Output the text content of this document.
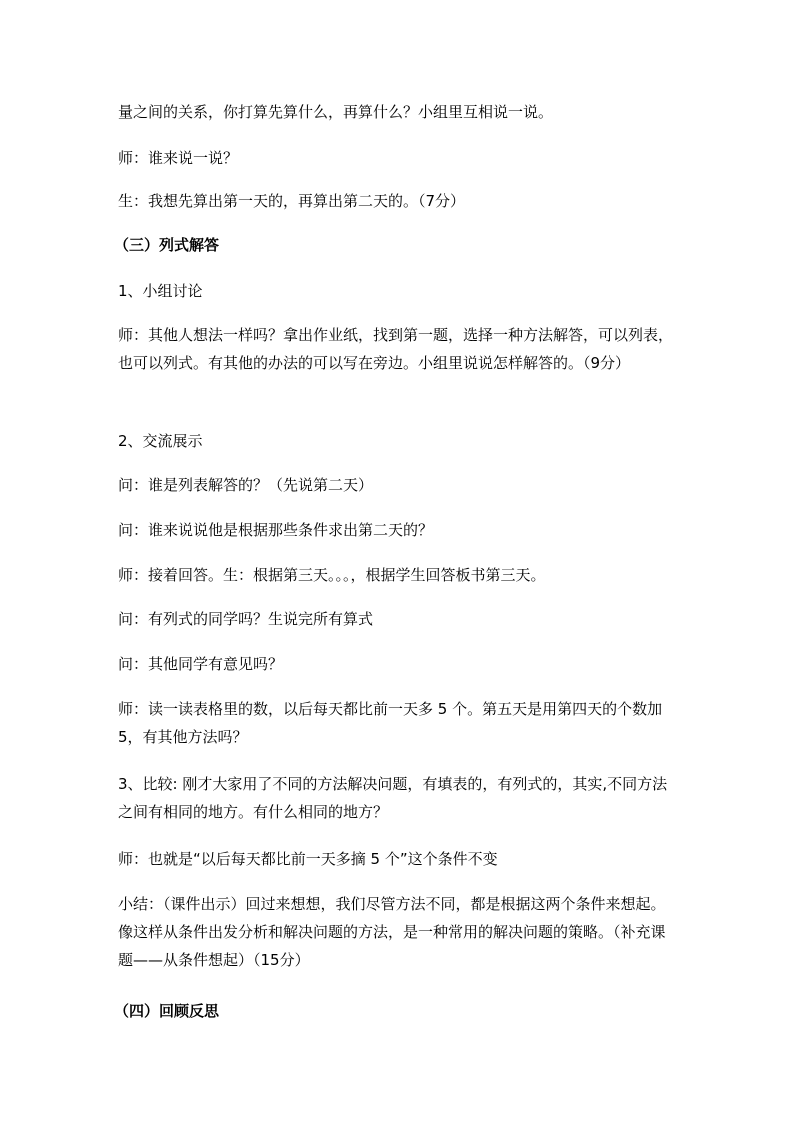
量之间的关系，你打算先算什么，再算什么？小组里互相说一说。

师：谁来说一说？

生：我想先算出第一天的，再算出第二天的。（7分）

（三）列式解答

1、小组讨论

师：其他人想法一样吗？拿出作业纸，找到第一题，选择一种方法解答，可以列表，也可以列式。有其他的办法的可以写在旁边。小组里说说怎样解答的。（9分）

2、交流展示

问：谁是列表解答的？（先说第二天）

问：谁来说说他是根据那些条件求出第二天的？

师：接着回答。生：根据第三天。。。，根据学生回答板书第三天。

问：有列式的同学吗？生说完所有算式

问：其他同学有意见吗？

师：读一读表格里的数，以后每天都比前一天多 5 个。第五天是用第四天的个数加 5，有其他方法吗？

3、比较: 刚才大家用了不同的方法解决问题，有填表的，有列式的，其实,不同方法之间有相同的地方。有什么相同的地方？

师：也就是“以后每天都比前一天多摘 5 个”这个条件不变

小结：（课件出示）回过来想想，我们尽管方法不同，都是根据这两个条件来想起。像这样从条件出发分析和解决问题的方法，是一种常用的解决问题的策略。（补充课题——从条件想起）（15分）

（四）回顾反思
